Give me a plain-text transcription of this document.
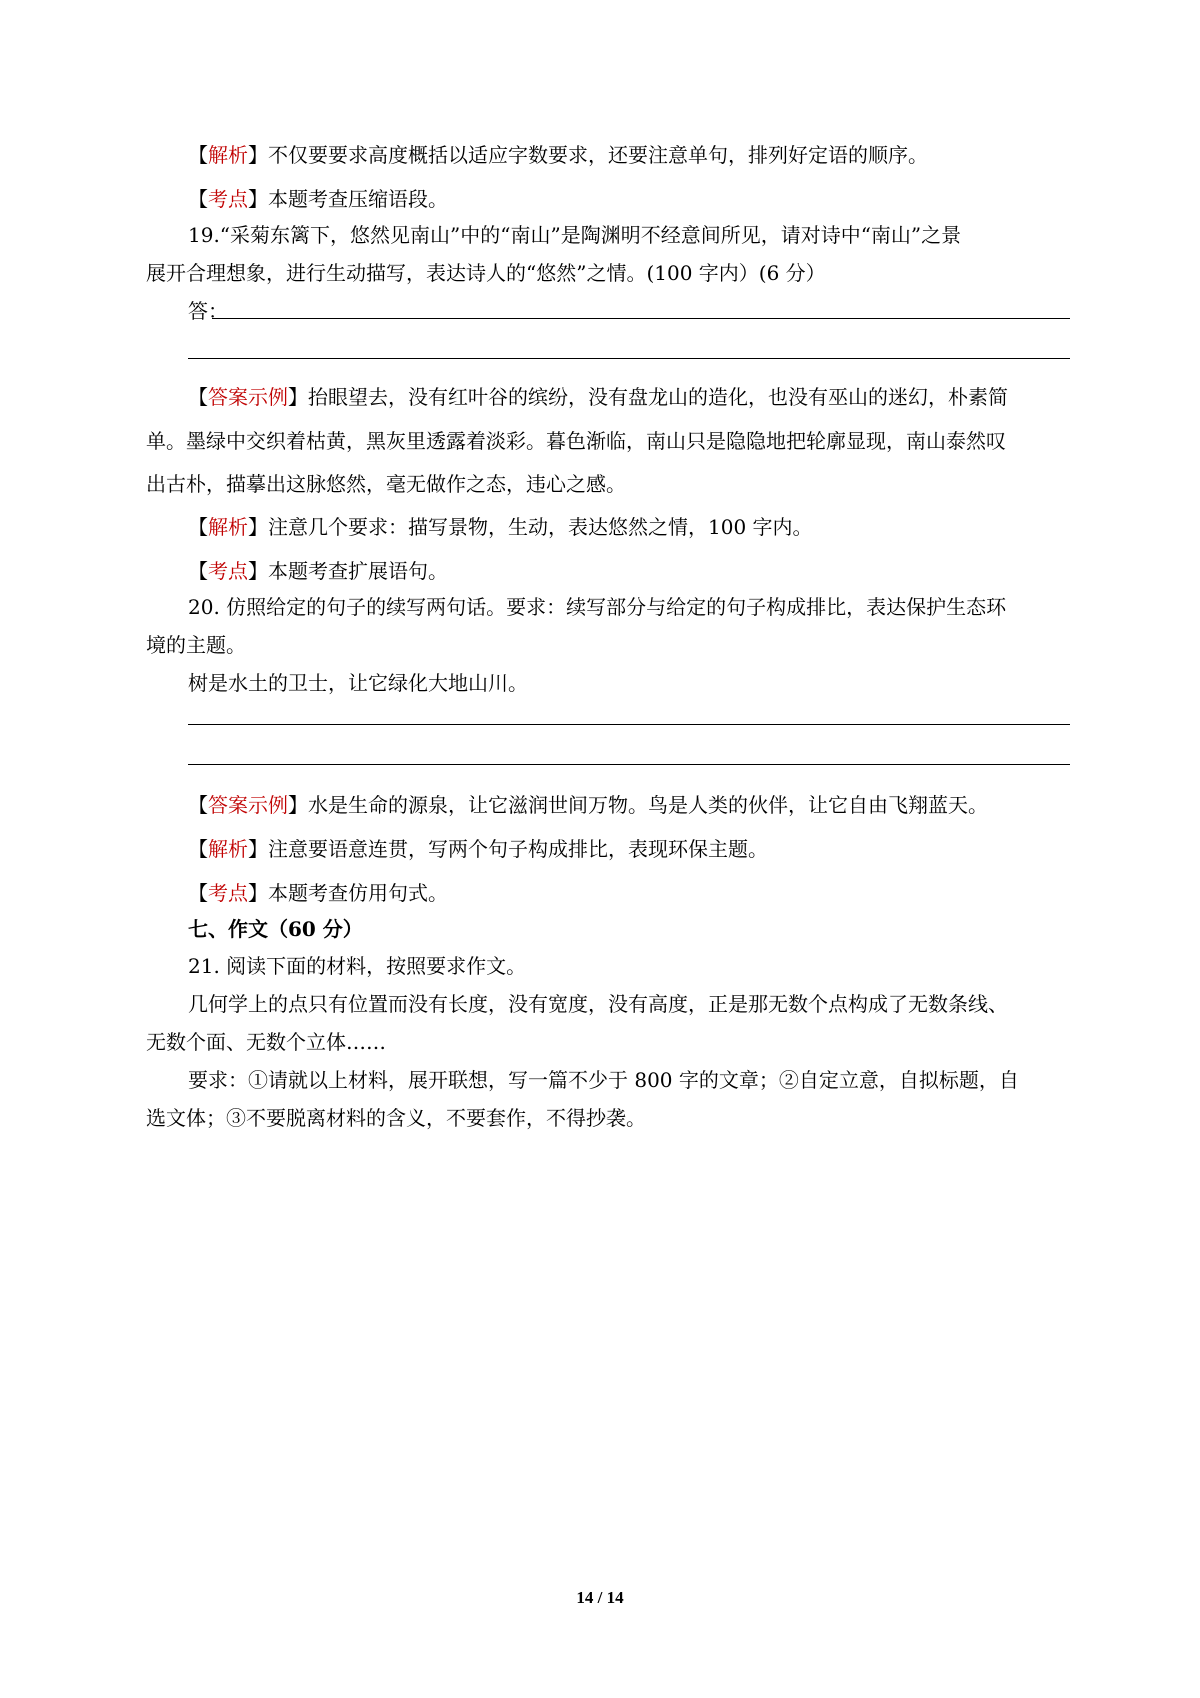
【解析】不仅要要求高度概括以适应字数要求，还要注意单句，排列好定语的顺序。
【考点】本题考查压缩语段。
19.“采菊东篱下，悠然见南山”中的“南山”是陶渊明不经意间所见，请对诗中“南山”之景
展开合理想象，进行生动描写，表达诗人的“悠然”之情。(100 字内）(6 分）
答：
【答案示例】抬眼望去，没有红叶谷的缤纷，没有盘龙山的造化，也没有巫山的迷幻，朴素简
单。墨绿中交织着枯黄，黑灰里透露着淡彩。暮色渐临，南山只是隐隐地把轮廓显现，南山泰然叹
出古朴，描摹出这脉悠然，毫无做作之态，违心之感。
【解析】注意几个要求：描写景物，生动，表达悠然之情，100 字内。
【考点】本题考查扩展语句。
20. 仿照给定的句子的续写两句话。要求：续写部分与给定的句子构成排比，表达保护生态环
境的主题。
树是水土的卫士，让它绿化大地山川。
【答案示例】水是生命的源泉，让它滋润世间万物。鸟是人类的伙伴，让它自由飞翔蓝天。
【解析】注意要语意连贯，写两个句子构成排比，表现环保主题。
【考点】本题考查仿用句式。
七、作文（60 分）
21. 阅读下面的材料，按照要求作文。
几何学上的点只有位置而没有长度，没有宽度，没有高度，正是那无数个点构成了无数条线、
无数个面、无数个立体……
要求：①请就以上材料，展开联想，写一篇不少于 800 字的文章；②自定立意，自拟标题，自
选文体；③不要脱离材料的含义，不要套作，不得抄袭。
14 / 14
